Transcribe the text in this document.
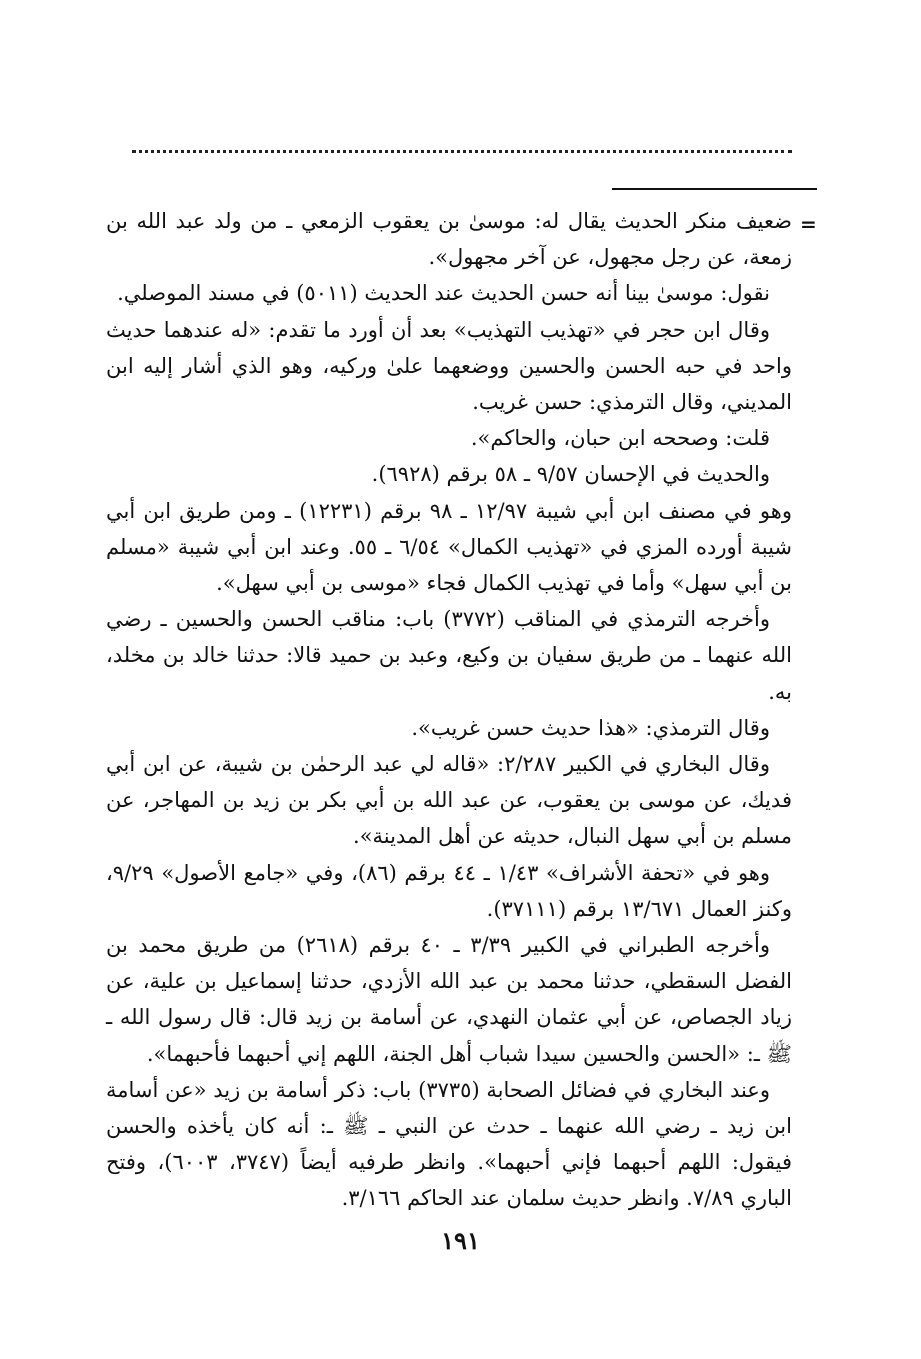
=

ضعيف منكر الحديث يقال له: موسىٰ بن يعقوب الزمعي ـ من ولد عبد الله بن زمعة، عن رجل مجهول، عن آخر مجهول».

نقول: موسىٰ بينا أنه حسن الحديث عند الحديث (٥٠١١) في مسند الموصلي.

وقال ابن حجر في «تهذيب التهذيب» بعد أن أورد ما تقدم: «له عندهما حديث واحد في حبه الحسن والحسين ووضعهما علىٰ وركيه، وهو الذي أشار إليه ابن المديني، وقال الترمذي: حسن غريب.

قلت: وصححه ابن حبان، والحاكم».

والحديث في الإحسان ٩/٥٧ ـ ٥٨ برقم (٦٩٢٨).

وهو في مصنف ابن أبي شيبة ١٢/٩٧ ـ ٩٨ برقم (١٢٢٣١) ـ ومن طريق ابن أبي شيبة أورده المزي في «تهذيب الكمال» ٦/٥٤ ـ ٥٥. وعند ابن أبي شيبة «مسلم بن أبي سهل» وأما في تهذيب الكمال فجاء «موسى بن أبي سهل».

وأخرجه الترمذي في المناقب (٣٧٧٢) باب: مناقب الحسن والحسين ـ رضي الله عنهما ـ من طريق سفيان بن وكيع، وعبد بن حميد قالا: حدثنا خالد بن مخلد، به.

وقال الترمذي: «هذا حديث حسن غريب».

وقال البخاري في الكبير ٢/٢٨٧: «قاله لي عبد الرحمٰن بن شيبة، عن ابن أبي فديك، عن موسى بن يعقوب، عن عبد الله بن أبي بكر بن زيد بن المهاجر، عن مسلم بن أبي سهل النبال، حديثه عن أهل المدينة».

وهو في «تحفة الأشراف» ١/٤٣ ـ ٤٤ برقم (٨٦)، وفي «جامع الأصول» ٩/٢٩، وكنز العمال ١٣/٦٧١ برقم (٣٧١١١).

وأخرجه الطبراني في الكبير ٣/٣٩ ـ ٤٠ برقم (٢٦١٨) من طريق محمد بن الفضل السقطي، حدثنا محمد بن عبد الله الأزدي، حدثنا إسماعيل بن علية، عن زياد الجصاص، عن أبي عثمان النهدي، عن أسامة بن زيد قال: قال رسول الله ـ ﷺ ـ: «الحسن والحسين سيدا شباب أهل الجنة، اللهم إني أحبهما فأحبهما».

وعند البخاري في فضائل الصحابة (٣٧٣٥) باب: ذكر أسامة بن زيد «عن أسامة ابن زيد ـ رضي الله عنهما ـ حدث عن النبي ـ ﷺ ـ: أنه كان يأخذه والحسن فيقول: اللهم أحبهما فإني أحبهما». وانظر طرفيه أيضاً (٣٧٤٧، ٦٠٠٣)، وفتح الباري ٧/٨٩. وانظر حديث سلمان عند الحاكم ٣/١٦٦.

١٩١
